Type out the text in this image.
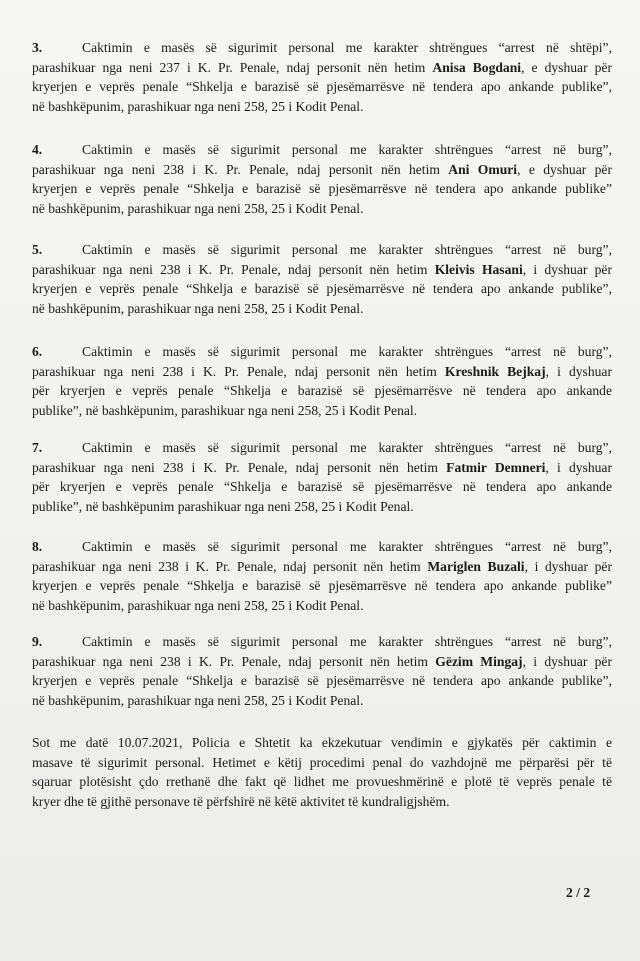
3.	Caktimin e masës së sigurimit personal me karakter shtrëngues “arrest në shtëpi”,
parashikuar nga neni 237 i K. Pr. Penale, ndaj personit nën hetim Anisa Bogdani, e dyshuar për
kryerjen e veprës penale “Shkelja e barazisë së pjesëmarrësve në tendera apo ankande publike”,
në bashkëpunim, parashikuar nga neni 258, 25 i Kodit Penal.
4.	Caktimin e masës së sigurimit personal me karakter shtrëngues “arrest në burg”,
parashikuar nga neni 238 i K. Pr. Penale, ndaj personit nën hetim Ani Omuri, e dyshuar për
kryerjen e veprës penale “Shkelja e barazisë së pjesëmarrësve në tendera apo ankande publike”
në bashkëpunim, parashikuar nga neni 258, 25 i Kodit Penal.
5.	Caktimin e masës së sigurimit personal me karakter shtrëngues “arrest në burg”,
parashikuar nga neni 238 i K. Pr. Penale, ndaj personit nën hetim Kleivis Hasani, i dyshuar për
kryerjen e veprës penale “Shkelja e barazisë së pjesëmarrësve në tendera apo ankande publike”,
në bashkëpunim, parashikuar nga neni 258, 25 i Kodit Penal.
6.	Caktimin e masës së sigurimit personal me karakter shtrëngues “arrest në burg”,
parashikuar nga neni 238 i K. Pr. Penale, ndaj personit nën hetim Kreshnik Bejkaj, i dyshuar
për kryerjen e veprës penale “Shkelja e barazisë së pjesëmarrësve në tendera apo ankande
publike”, në bashkëpunim, parashikuar nga neni 258, 25 i Kodit Penal.
7.	Caktimin e masës së sigurimit personal me karakter shtrëngues “arrest në burg”,
parashikuar nga neni 238 i K. Pr. Penale, ndaj personit nën hetim Fatmir Demneri, i dyshuar
për kryerjen e veprës penale “Shkelja e barazisë së pjesëmarrësve në tendera apo ankande
publike”, në bashkëpunim parashikuar nga neni 258, 25 i Kodit Penal.
8.	Caktimin e masës së sigurimit personal me karakter shtrëngues “arrest në burg”,
parashikuar nga neni 238 i K. Pr. Penale, ndaj personit nën hetim Mariglen Buzali, i dyshuar për
kryerjen e veprës penale “Shkelja e barazisë së pjesëmarrësve në tendera apo ankande publike”
në bashkëpunim, parashikuar nga neni 258, 25 i Kodit Penal.
9.	Caktimin e masës së sigurimit personal me karakter shtrëngues “arrest në burg”,
parashikuar nga neni 238 i K. Pr. Penale, ndaj personit nën hetim Gëzim Mingaj, i dyshuar për
kryerjen e veprës penale “Shkelja e barazisë së pjesëmarrësve në tendera apo ankande publike”,
në bashkëpunim, parashikuar nga neni 258, 25 i Kodit Penal.
Sot me datë 10.07.2021, Policia e Shtetit ka ekzekutuar vendimin e gjykatës për caktimin e
masave të sigurimit personal. Hetimet e këtij procedimi penal do vazhdojnë me përparësi për të
sqaruar plotësisht çdo rrethanë dhe fakt që lidhet me provueshmërinë e plotë të veprës penale të
kryer dhe të gjithë personave të përfshirë në këtë aktivitet të kundraligjshëm.
2 / 2
